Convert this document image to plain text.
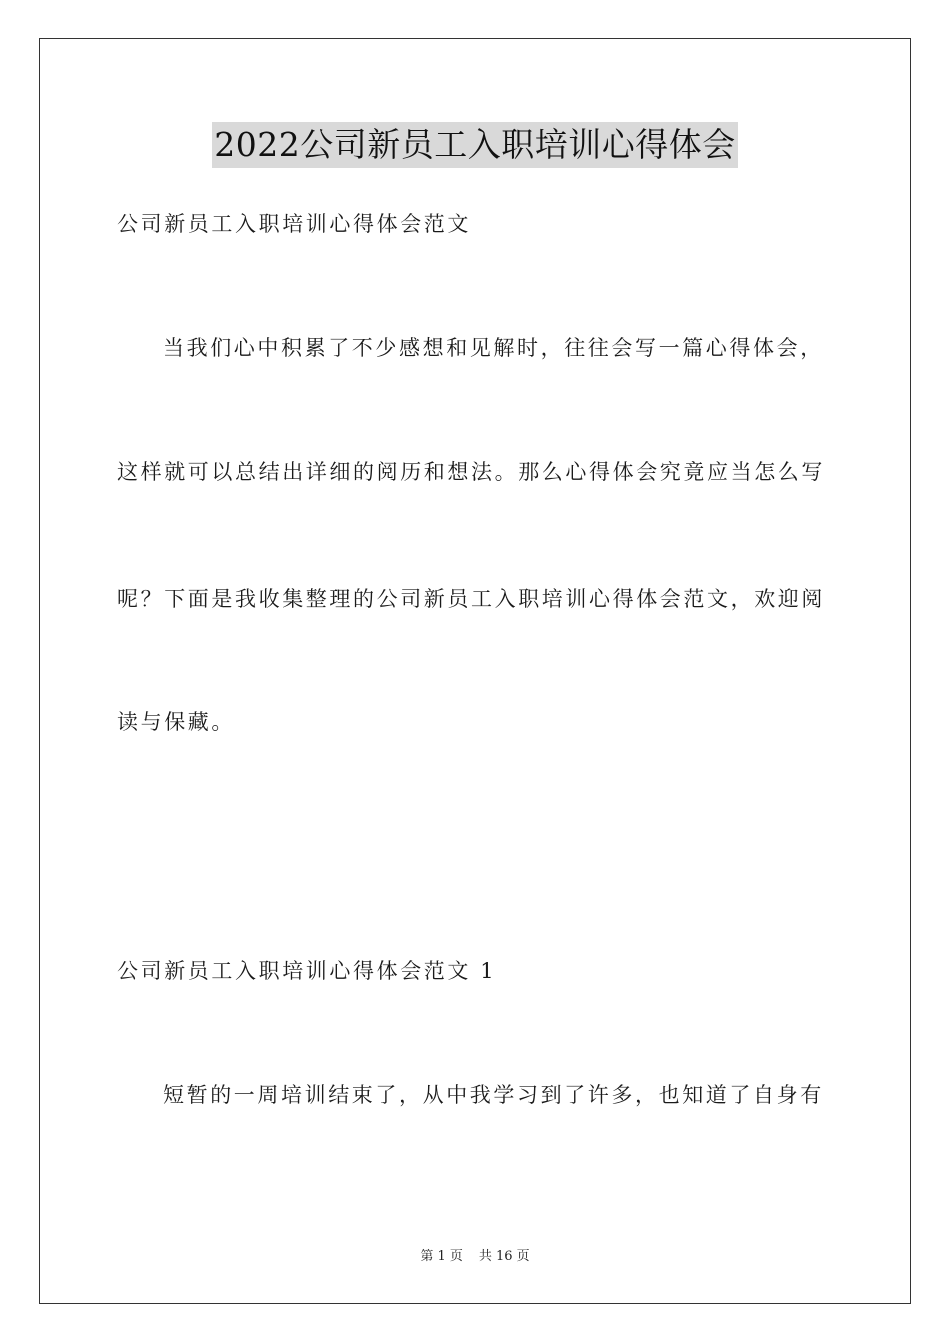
2022公司新员工入职培训心得体会
公司新员工入职培训心得体会范文
当我们心中积累了不少感想和见解时，往往会写一篇心得体会，
这样就可以总结出详细的阅历和想法。那么心得体会究竟应当怎么写
呢？下面是我收集整理的公司新员工入职培训心得体会范文，欢迎阅
读与保藏。
公司新员工入职培训心得体会范文 1
短暂的一周培训结束了，从中我学习到了许多，也知道了自身有
第 1 页 共 16 页
